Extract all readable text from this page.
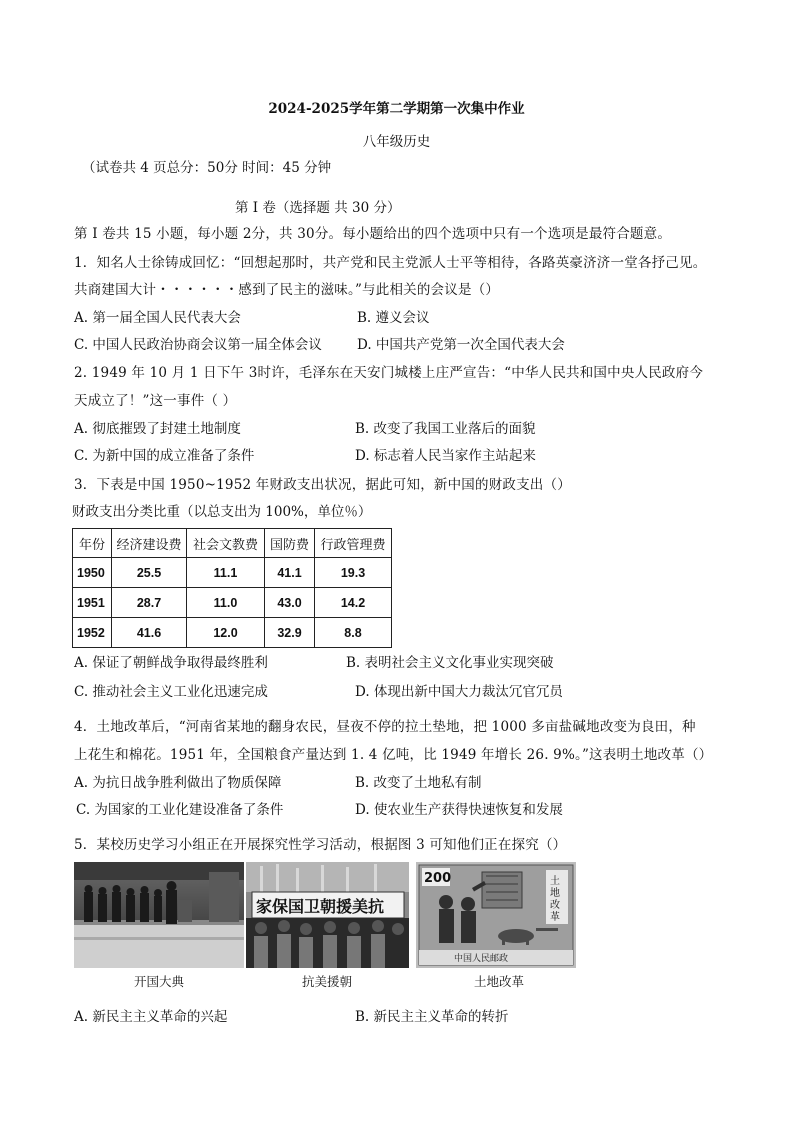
2024-2025学年第二学期第一次集中作业
八年级历史
（试卷共 4 页总分：50分 时间：45 分钟
第 Ⅰ 卷（选择题 共 30 分）
第 Ⅰ 卷共 15 小题，每小题 2分，共 30分。每小题给出的四个选项中只有一个选项是最符合题意。
1．知名人士徐铸成回忆：“回想起那时，共产党和民主党派人士平等相待，各路英豪济济一堂各抒己见。
共商建国大计・・・・・・感到了民主的滋味。”与此相关的会议是（）
A. 第一届全国人民代表大会	B. 遵义会议
C. 中国人民政治协商会议第一届全体会议	D. 中国共产党第一次全国代表大会
2. 1949 年 10 月 1 日下午 3时许，毛泽东在天安门城楼上庄严宣告：“中华人民共和国中央人民政府今
天成立了！”这一事件（ ）
A. 彻底摧毁了封建土地制度	B. 改变了我国工业落后的面貌
C. 为新中国的成立准备了条件	D. 标志着人民当家作主站起来
3．下表是中国 1950~1952 年财政支出状况，据此可知，新中国的财政支出（）
财政支出分类比重（以总支出为 100%，单位％）
年份	经济建设费	社会文教费	国防费	行政管理费
1950	25.5	11.1	41.1	19.3
1951	28.7	11.0	43.0	14.2
1952	41.6	12.0	32.9	8.8
A. 保证了朝鲜战争取得最终胜利	B. 表明社会主义文化事业实现突破
C. 推动社会主义工业化迅速完成	D. 体现出新中国大力裁汰冗官冗员
4．土地改革后，“河南省某地的翻身农民，昼夜不停的拉土垫地，把 1000 多亩盐碱地改变为良田，种
上花生和棉花。1951 年，全国粮食产量达到 1. 4 亿吨，比 1949 年增长 26. 9%。”这表明土地改革（）
A. 为抗日战争胜利做出了物质保障	B. 改变了土地私有制
C. 为国家的工业化建设准备了条件	D. 使农业生产获得快速恢复和发展
5．某校历史学习小组正在开展探究性学习活动，根据图 3 可知他们正在探究（）
开国大典
家保国卫朝援美抗
抗美援朝
200	土地改革
中国人民邮政
土地改革
A. 新民主主义革命的兴起	B. 新民主主义革命的转折
